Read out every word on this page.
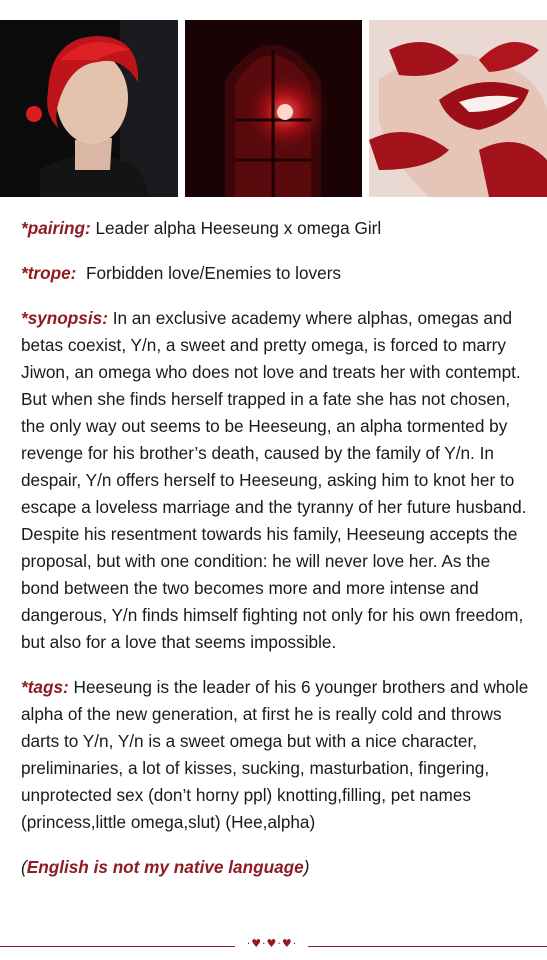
*pairing: Leader alpha Heeseung x omega Girl

*trope:  Forbidden love/Enemies to lovers

*synopsis: In an exclusive academy where alphas, omegas and betas coexist, Y/n, a sweet and pretty omega, is forced to marry Jiwon, an omega who does not love and treats her with contempt. But when she finds herself trapped in a fate she has not chosen, the only way out seems to be Heeseung, an alpha tormented by revenge for his brother’s death, caused by the family of Y/n. In despair, Y/n offers herself to Heeseung, asking him to knot her to escape a loveless marriage and the tyranny of her future husband. Despite his resentment towards his family, Heeseung accepts the proposal, but with one condition: he will never love her. As the bond between the two becomes more and more intense and dangerous, Y/n finds himself fighting not only for his own freedom, but also for a love that seems impossible.

*tags: Heeseung is the leader of his 6 younger brothers and whole alpha of the new generation, at first he is really cold and throws darts to Y/n, Y/n is a sweet omega but with a nice character, preliminaries, a lot of kisses, sucking, masturbation, fingering, unprotected sex (don’t horny ppl) knotting,filling, pet names (princess,little omega,slut) (Hee,alpha)

(English is not my native language)

·♥·♥·♥·
